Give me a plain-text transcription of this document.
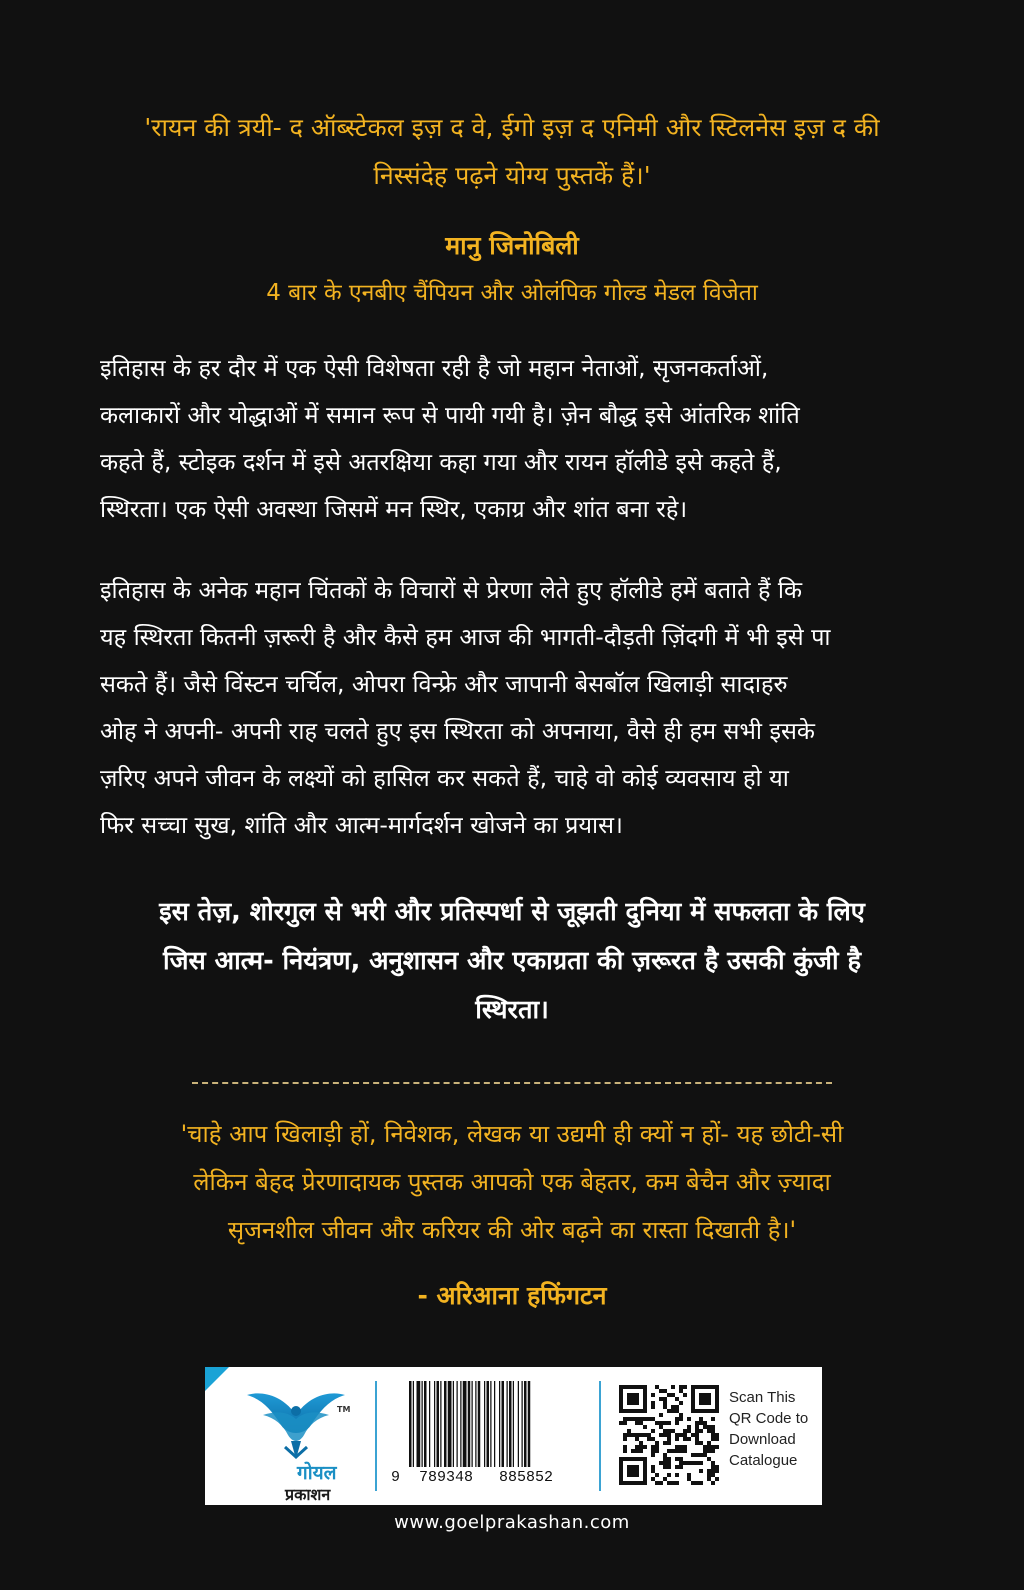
'रायन की त्रयी- द ऑब्स्टेकल इज़ द वे, ईगो इज़ द एनिमी और स्टिलनेस इज़ द की
निस्संदेह पढ़ने योग्य पुस्तकें हैं।'
मानु जिनोबिली
4 बार के एनबीए चैंपियन और ओलंपिक गोल्ड मेडल विजेता
इतिहास के हर दौर में एक ऐसी विशेषता रही है जो महान नेताओं, सृजनकर्ताओं,
कलाकारों और योद्धाओं में समान रूप से पायी गयी है। ज़ेन बौद्ध इसे आंतरिक शांति
कहते हैं, स्टोइक दर्शन में इसे अतरक्षिया कहा गया और रायन हॉलीडे इसे कहते हैं,
स्थिरता। एक ऐसी अवस्था जिसमें मन स्थिर, एकाग्र और शांत बना रहे।
इतिहास के अनेक महान चिंतकों के विचारों से प्रेरणा लेते हुए हॉलीडे हमें बताते हैं कि
यह स्थिरता कितनी ज़रूरी है और कैसे हम आज की भागती-दौड़ती ज़िंदगी में भी इसे पा
सकते हैं। जैसे विंस्टन चर्चिल, ओपरा विन्फ्रे और जापानी बेसबॉल खिलाड़ी सादाहरु
ओह ने अपनी- अपनी राह चलते हुए इस स्थिरता को अपनाया, वैसे ही हम सभी इसके
ज़रिए अपने जीवन के लक्ष्यों को हासिल कर सकते हैं, चाहे वो कोई व्यवसाय हो या
फिर सच्चा सुख, शांति और आत्म-मार्गदर्शन खोजने का प्रयास।
इस तेज़, शोरगुल से भरी और प्रतिस्पर्धा से जूझती दुनिया में सफलता के लिए
जिस आत्म- नियंत्रण, अनुशासन और एकाग्रता की ज़रूरत है उसकी कुंजी है
स्थिरता।
'चाहे आप खिलाड़ी हों, निवेशक, लेखक या उद्यमी ही क्यों न हों- यह छोटी-सी
लेकिन बेहद प्रेरणादायक पुस्तक आपको एक बेहतर, कम बेचैन और ज़्यादा
सृजनशील जीवन और करियर की ओर बढ़ने का रास्ता दिखाती है।'
- अरिआना हफिंगटन
TM
गोयल
प्रकाशन
9 789348 885852
Scan This
QR Code to
Download
Catalogue
www.goelprakashan.com
